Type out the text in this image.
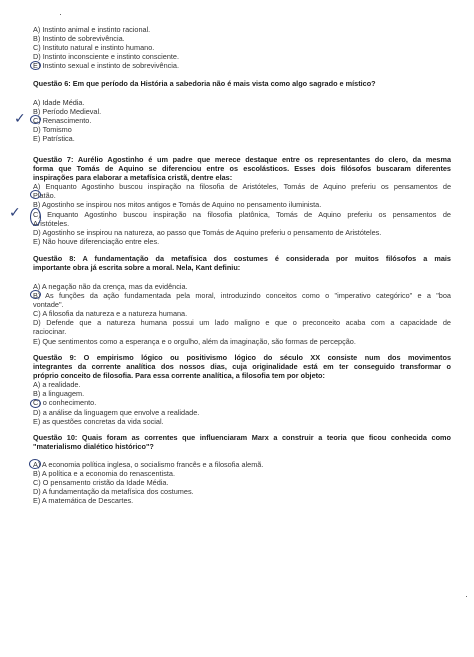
A) Instinto animal e instinto racional.
B) Instinto de sobrevivência.
C) Instituto natural e instinto humano.
D) Instinto inconsciente e instinto consciente.
E) Instinto sexual e instinto de sobrevivência.
Questão 6: Em que período da História a sabedoria não é mais vista como algo sagrado e místico?
A) Idade Média.
B) Período Medieval.
C) Renascimento.
D) Tomismo
E) Patrística.
Questão 7: Aurélio Agostinho é um padre que merece destaque entre os representantes do clero, da mesma
forma que Tomás de Aquino se diferenciou entre os escolásticos. Esses dois filósofos buscaram diferentes
inspirações para elaborar a metafísica cristã, dentre elas:
A) Enquanto Agostinho buscou inspiração na filosofia de Aristóteles, Tomás de Aquino preferiu os pensamentos de
Platão.
B) Agostinho se inspirou nos mitos antigos e Tomás de Aquino no pensamento iluminista.
C) Enquanto Agostinho buscou inspiração na filosofia platônica, Tomás de Aquino preferiu os pensamentos de
Aristóteles.
D) Agostinho se inspirou na natureza, ao passo que Tomás de Aquino preferiu o pensamento de Aristóteles.
E) Não houve diferenciação entre eles.
Questão 8: A fundamentação da metafísica dos costumes é considerada por muitos filósofos a mais
importante obra já escrita sobre a moral. Nela, Kant definiu:
A) A negação não da crença, mas da evidência.
B) As funções da ação fundamentada pela moral, introduzindo conceitos como o "imperativo categórico" e a "boa
vontade".
C) A filosofia da natureza e a natureza humana.
D) Defende que a natureza humana possui um lado maligno e que o preconceito acaba com a capacidade de
raciocinar.
E) Que sentimentos como a esperança e o orgulho, além da imaginação, são formas de percepção.
Questão 9: O empirismo lógico ou positivismo lógico do século XX consiste num dos movimentos
integrantes da corrente analítica dos nossos dias, cuja originalidade está em ter conseguido transformar o
próprio conceito de filosofia. Para essa corrente analítica, a filosofia tem por objeto:
A) a realidade.
B) a linguagem.
C) o conhecimento.
D) a análise da linguagem que envolve a realidade.
E) as questões concretas da vida social.
Questão 10: Quais foram as correntes que influenciaram Marx a construir a teoria que ficou conhecida como
"materialismo dialético histórico"?
A) A economia política inglesa, o socialismo francês e a filosofia alemã.
B) A política e a economia do renascentista.
C) O pensamento cristão da Idade Média.
D) A fundamentação da metafísica dos costumes.
E) A matemática de Descartes.
✓
✓
